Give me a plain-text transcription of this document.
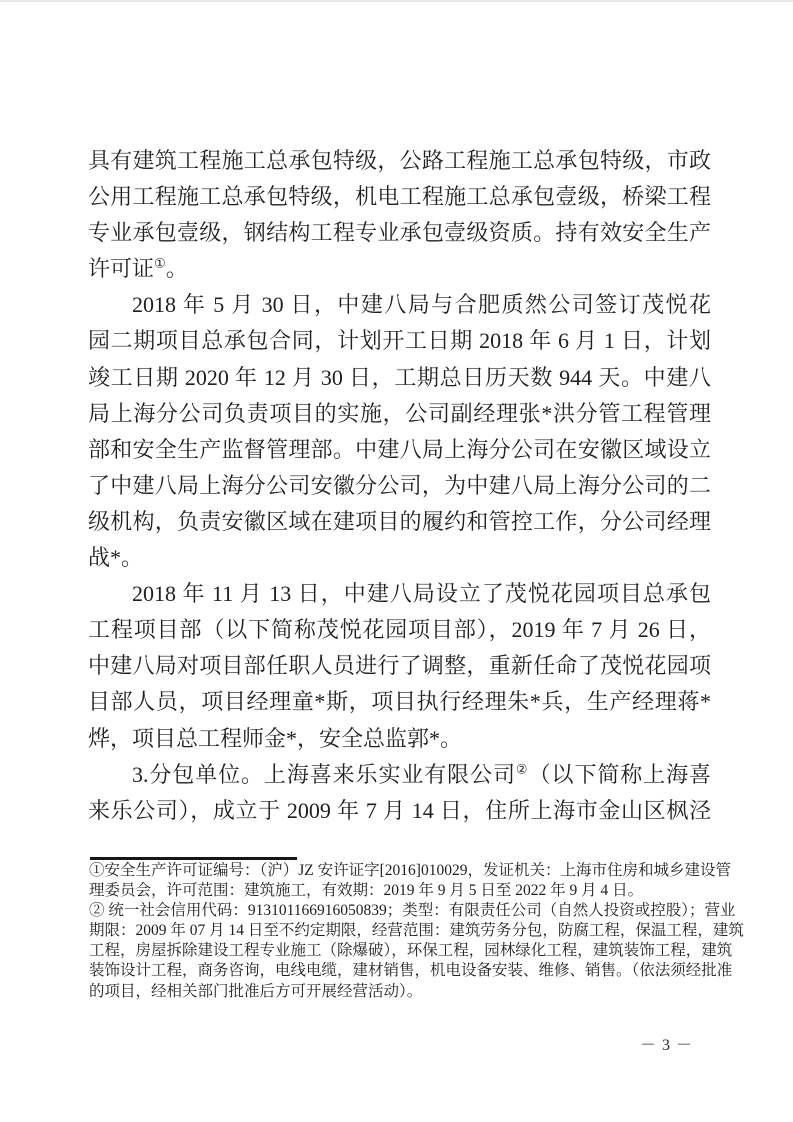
具有建筑工程施工总承包特级，公路工程施工总承包特级，市政
公用工程施工总承包特级，机电工程施工总承包壹级，桥梁工程
专业承包壹级，钢结构工程专业承包壹级资质。持有效安全生产
许可证①。
2018 年 5 月 30 日，中建八局与合肥质然公司签订茂悦花
园二期项目总承包合同，计划开工日期 2018 年 6 月 1 日，计划
竣工日期 2020 年 12 月 30 日，工期总日历天数 944 天。中建八
局上海分公司负责项目的实施，公司副经理张*洪分管工程管理
部和安全生产监督管理部。中建八局上海分公司在安徽区域设立
了中建八局上海分公司安徽分公司，为中建八局上海分公司的二
级机构，负责安徽区域在建项目的履约和管控工作，分公司经理
战*。
2018 年 11 月 13 日，中建八局设立了茂悦花园项目总承包
工程项目部（以下简称茂悦花园项目部），2019 年 7 月 26 日，
中建八局对项目部任职人员进行了调整，重新任命了茂悦花园项
目部人员，项目经理童*斯，项目执行经理朱*兵，生产经理蒋*
烨，项目总工程师金*，安全总监郭*。
3.分包单位。上海喜来乐实业有限公司②（以下简称上海喜
来乐公司），成立于 2009 年 7 月 14 日，住所上海市金山区枫泾
①安全生产许可证编号：（沪）JZ 安许证字[2016]010029，发证机关：上海市住房和城乡建设管
理委员会，许可范围：建筑施工，有效期：2019 年 9 月 5 日至 2022 年 9 月 4 日。
② 统一社会信用代码：913101166916050839；类型：有限责任公司（自然人投资或控股）；营业
期限：2009 年 07 月 14 日至不约定期限，经营范围：建筑劳务分包，防腐工程，保温工程，建筑
工程，房屋拆除建设工程专业施工（除爆破），环保工程，园林绿化工程，建筑装饰工程，建筑
装饰设计工程，商务咨询，电线电缆，建材销售，机电设备安装、维修、销售。（依法须经批准
的项目，经相关部门批准后方可开展经营活动）。
－ 3 －
